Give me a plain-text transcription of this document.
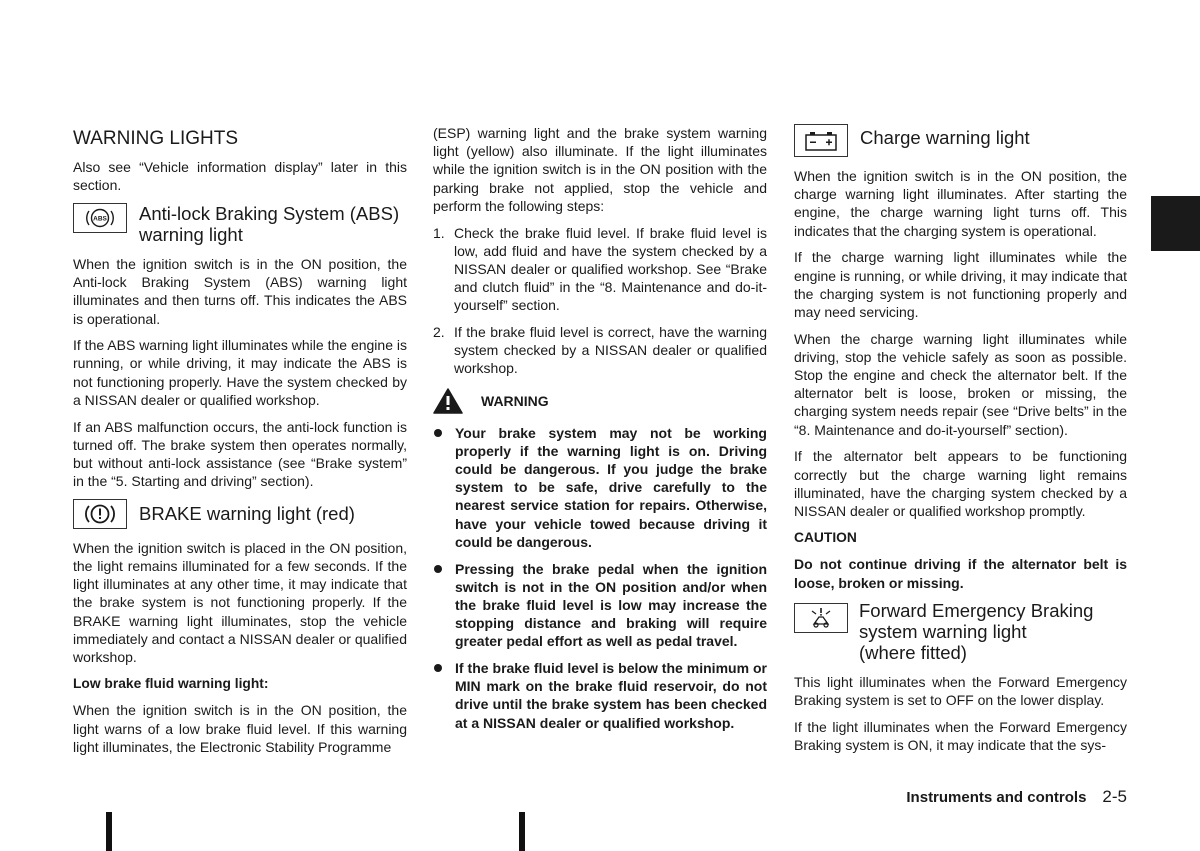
WARNING LIGHTS

Also see “Vehicle information display” later in this section.

ABS Anti-lock Braking System (ABS)
warning light

When the ignition switch is in the ON position, the Anti-lock Braking System (ABS) warning light illuminates and then turns off. This indicates the ABS is operational.

If the ABS warning light illuminates while the engine is running, or while driving, it may indicate the ABS is not functioning properly. Have the system checked by a NISSAN dealer or qualified workshop.

If an ABS malfunction occurs, the anti-lock function is turned off. The brake system then operates normally, but without anti-lock assistance (see “Brake system” in the “5. Starting and driving” section).

BRAKE warning light (red)

When the ignition switch is placed in the ON position, the light remains illuminated for a few seconds. If the light illuminates at any other time, it may indicate that the brake system is not functioning properly. If the BRAKE warning light illuminates, stop the vehicle immediately and contact a NISSAN dealer or qualified workshop.

Low brake fluid warning light:

When the ignition switch is in the ON position, the light warns of a low brake fluid level. If this warning light illuminates, the Electronic Stability Programme

(ESP) warning light and the brake system warning light (yellow) also illuminate. If the light illuminates while the ignition switch is in the ON position with the parking brake not applied, stop the vehicle and perform the following steps:

1. Check the brake fluid level. If brake fluid level is low, add fluid and have the system checked by a NISSAN dealer or qualified workshop. See “Brake and clutch fluid” in the “8. Maintenance and do-it-yourself” section.
2. If the brake fluid level is correct, have the warning system checked by a NISSAN dealer or qualified workshop.
WARNING
Your brake system may not be working properly if the warning light is on. Driving could be dangerous. If you judge the brake system to be safe, drive carefully to the nearest service station for repairs. Otherwise, have your vehicle towed because driving it could be dangerous.
Pressing the brake pedal when the ignition switch is not in the ON position and/or when the brake fluid level is low may increase the stopping distance and braking will require greater pedal effort as well as pedal travel.
If the brake fluid level is below the minimum or MIN mark on the brake fluid reservoir, do not drive until the brake system has been checked at a NISSAN dealer or qualified workshop.
Charge warning light

When the ignition switch is in the ON position, the charge warning light illuminates. After starting the engine, the charge warning light turns off. This indicates that the charging system is operational.

If the charge warning light illuminates while the engine is running, or while driving, it may indicate that the charging system is not functioning properly and may need servicing.

When the charge warning light illuminates while driving, stop the vehicle safely as soon as possible. Stop the engine and check the alternator belt. If the alternator belt is loose, broken or missing, the charging system needs repair (see “Drive belts” in the “8. Maintenance and do-it-yourself” section).

If the alternator belt appears to be functioning correctly but the charge warning light remains illuminated, have the charging system checked by a NISSAN dealer or qualified workshop promptly.

CAUTION

Do not continue driving if the alternator belt is loose, broken or missing.

Forward Emergency Braking
system warning light
(where fitted)

This light illuminates when the Forward Emergency Braking system is set to OFF on the lower display.

If the light illuminates when the Forward Emergency Braking system is ON, it may indicate that the sys-

Instruments and controls 2-5
